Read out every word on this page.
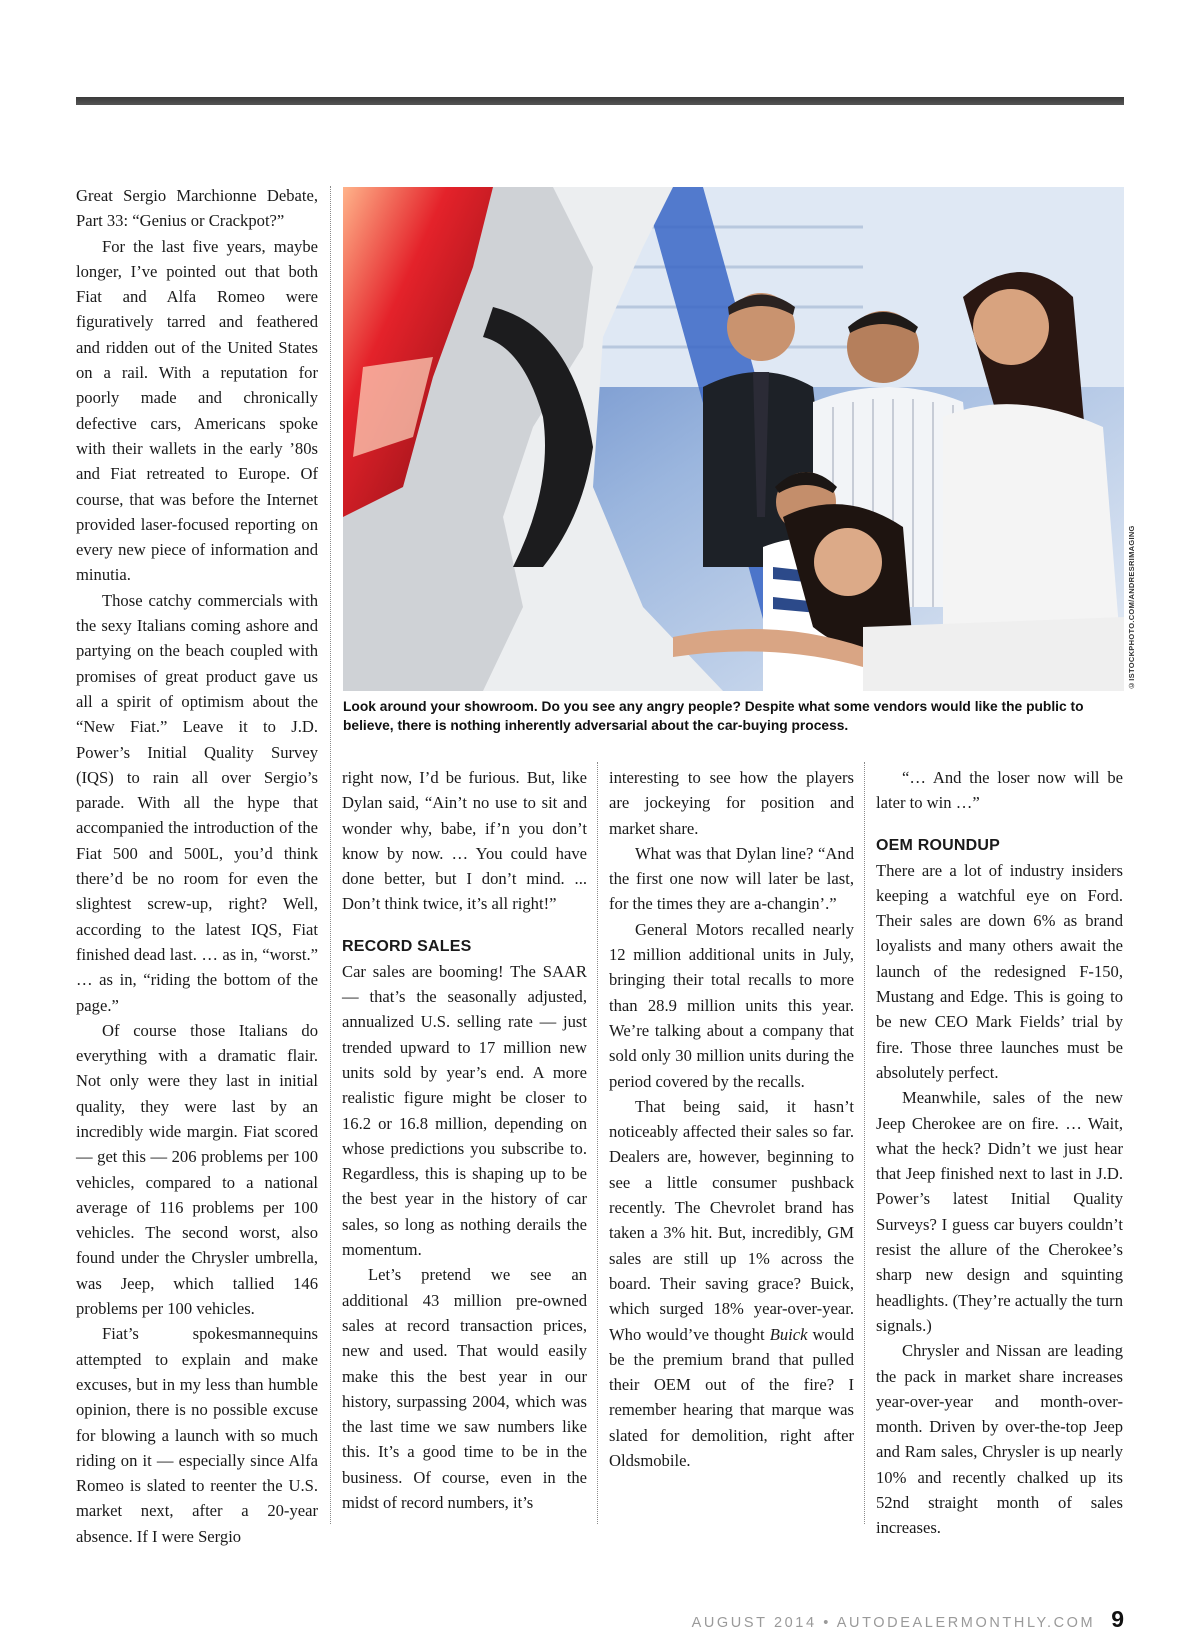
Great Sergio Marchionne Debate, Part 33: “Genius or Crackpot?”

For the last five years, maybe longer, I’ve pointed out that both Fiat and Alfa Romeo were figuratively tarred and feathered and ridden out of the United States on a rail. With a reputation for poorly made and chronically defective cars, Americans spoke with their wallets in the early ’80s and Fiat retreated to Europe. Of course, that was before the Internet provided laser-focused reporting on every new piece of information and minutia.

Those catchy commercials with the sexy Italians coming ashore and partying on the beach coupled with promises of great product gave us all a spirit of optimism about the “New Fiat.” Leave it to J.D. Power’s Initial Quality Survey (IQS) to rain all over Sergio’s parade. With all the hype that accompanied the introduction of the Fiat 500 and 500L, you’d think there’d be no room for even the slightest screw-up, right? Well, according to the latest IQS, Fiat finished dead last. … as in, “worst.” … as in, “riding the bottom of the page.”

Of course those Italians do everything with a dramatic flair. Not only were they last in initial quality, they were last by an incredibly wide margin. Fiat scored — get this — 206 problems per 100 vehicles, compared to a national average of 116 problems per 100 vehicles. The second worst, also found under the Chrysler umbrella, was Jeep, which tallied 146 problems per 100 vehicles.

Fiat’s spokesmannequins attempted to explain and make excuses, but in my less than humble opinion, there is no possible excuse for blowing a launch with so much riding on it — especially since Alfa Romeo is slated to reenter the U.S. market next, after a 20-year absence. If I were Sergio

©ISTOCKPHOTO.COM/ANDRESRIMAGING
Look around your showroom. Do you see any angry people? Despite what some vendors would like the public to believe, there is nothing inherently adversarial about the car-buying process.

right now, I’d be furious. But, like Dylan said, “Ain’t no use to sit and wonder why, babe, if’n you don’t know by now. … You could have done better, but I don’t mind. ... Don’t think twice, it’s all right!”

RECORD SALES

Car sales are booming! The SAAR — that’s the seasonally adjusted, annualized U.S. selling rate — just trended upward to 17 million new units sold by year’s end. A more realistic figure might be closer to 16.2 or 16.8 million, depending on whose predictions you subscribe to. Regardless, this is shaping up to be the best year in the history of car sales, so long as nothing derails the momentum.

Let’s pretend we see an additional 43 million pre-owned sales at record transaction prices, new and used. That would easily make this the best year in our history, surpassing 2004, which was the last time we saw numbers like this. It’s a good time to be in the business. Of course, even in the midst of record numbers, it’s

interesting to see how the players are jockeying for position and market share.

What was that Dylan line? “And the first one now will later be last, for the times they are a-changin’.”

General Motors recalled nearly 12 million additional units in July, bringing their total recalls to more than 28.9 million units this year. We’re talking about a company that sold only 30 million units during the period covered by the recalls.

That being said, it hasn’t noticeably affected their sales so far. Dealers are, however, beginning to see a little consumer pushback recently. The Chevrolet brand has taken a 3% hit. But, incredibly, GM sales are still up 1% across the board. Their saving grace? Buick, which surged 18% year-over-year. Who would’ve thought Buick would be the premium brand that pulled their OEM out of the fire? I remember hearing that marque was slated for demolition, right after Oldsmobile.

“… And the loser now will be later to win …”

OEM ROUNDUP

There are a lot of industry insiders keeping a watchful eye on Ford. Their sales are down 6% as brand loyalists and many others await the launch of the redesigned F-150, Mustang and Edge. This is going to be new CEO Mark Fields’ trial by fire. Those three launches must be absolutely perfect.

Meanwhile, sales of the new Jeep Cherokee are on fire. … Wait, what the heck? Didn’t we just hear that Jeep finished next to last in J.D. Power’s latest Initial Quality Surveys? I guess car buyers couldn’t resist the allure of the Cherokee’s sharp new design and squinting headlights. (They’re actually the turn signals.)

Chrysler and Nissan are leading the pack in market share increases year-over-year and month-over-month. Driven by over-the-top Jeep and Ram sales, Chrysler is up nearly 10% and recently chalked up its 52nd straight month of sales increases.

AUGUST 2014 • AUTODEALERMONTHLY.COM 9
